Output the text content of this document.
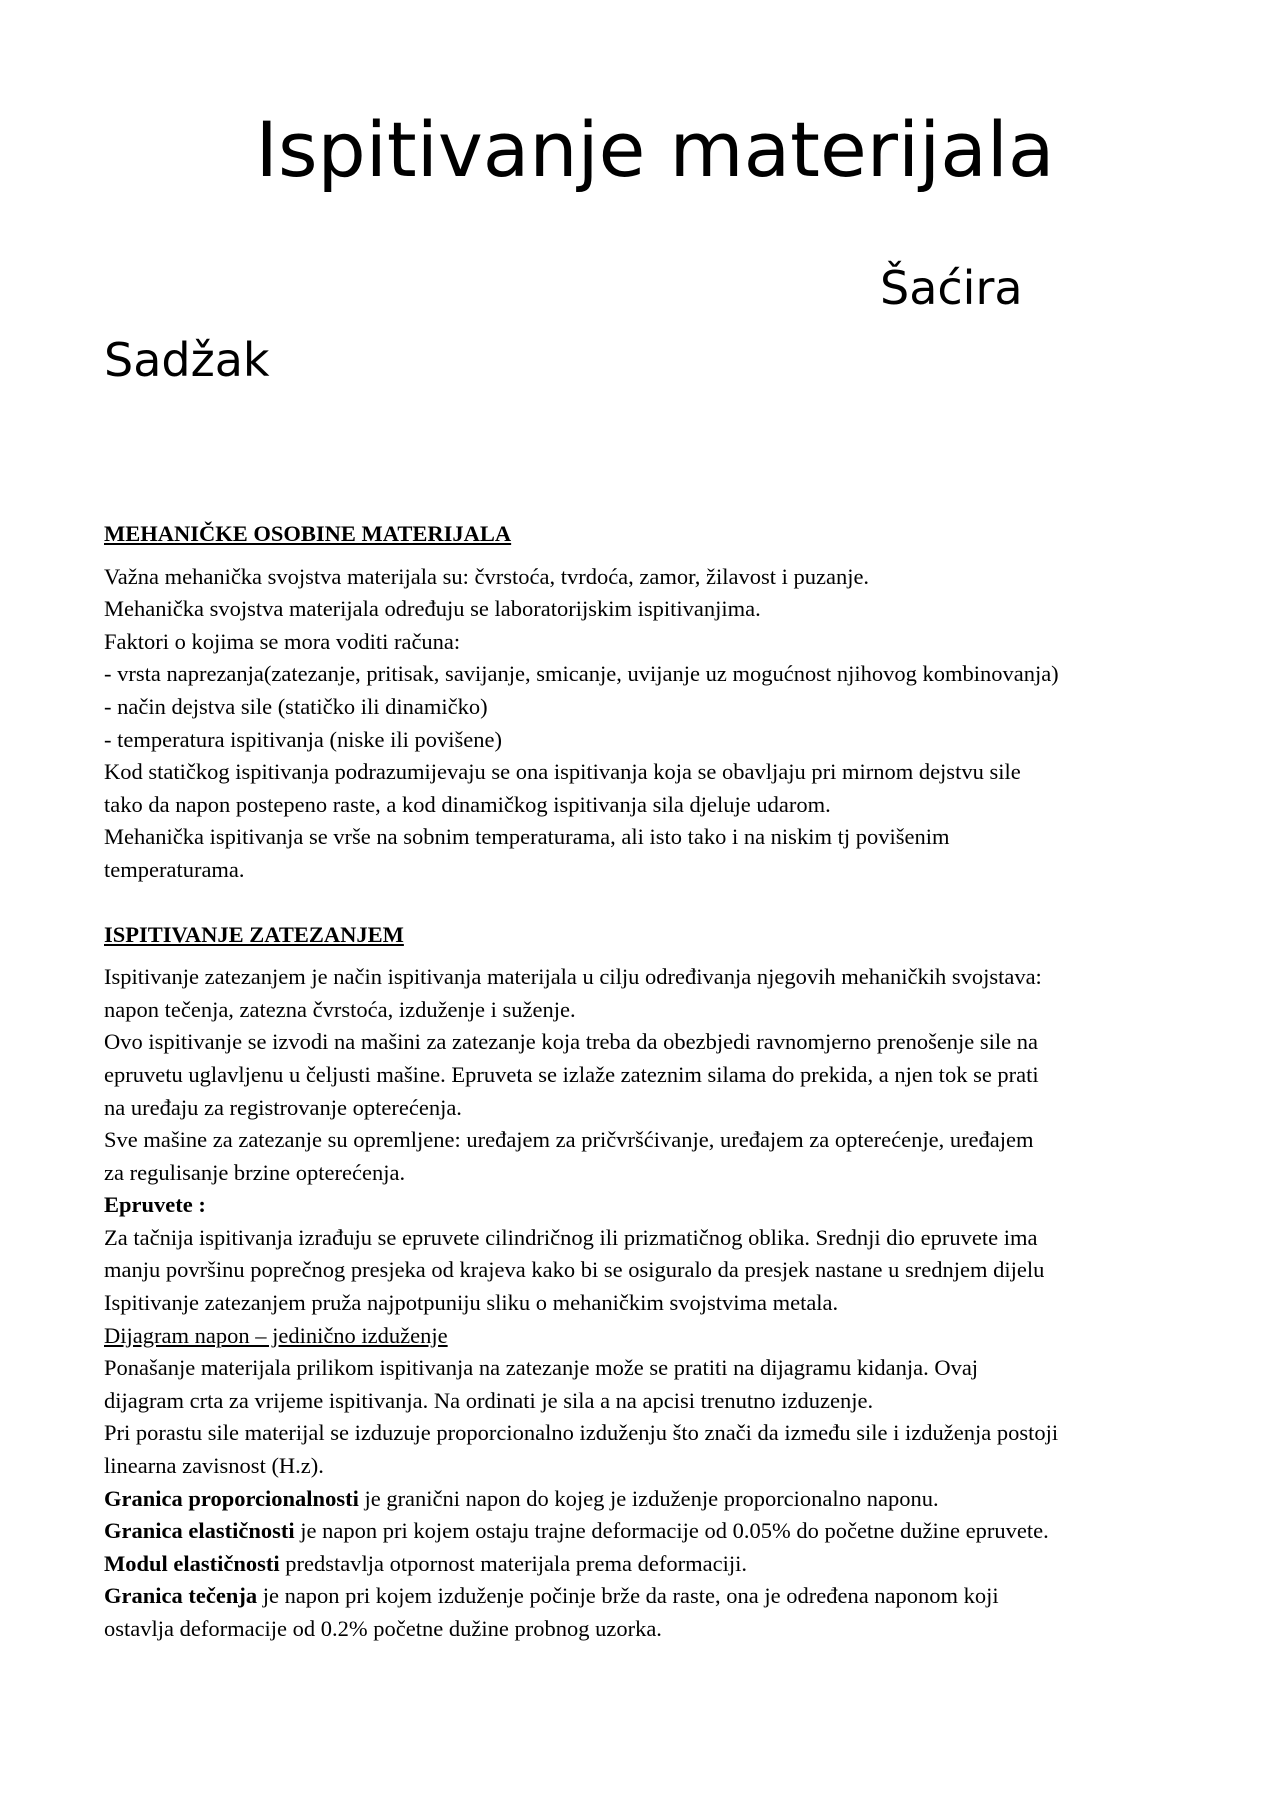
Ispitivanje materijala
Šaćira
Sadžak

MEHANIČKE OSOBINE MATERIJALA

Važna mehanička svojstva materijala su: čvrstoća, tvrdoća, zamor, žilavost i puzanje.

Mehanička svojstva materijala određuju se laboratorijskim ispitivanjima.

Faktori o kojima se mora voditi računa:

- vrsta naprezanja(zatezanje, pritisak, savijanje, smicanje, uvijanje uz mogućnost njihovog kombinovanja)

- način dejstva sile (statičko ili dinamičko)

- temperatura ispitivanja (niske ili povišene)

Kod statičkog ispitivanja podrazumijevaju se ona ispitivanja koja se obavljaju pri mirnom dejstvu sile

tako da napon postepeno raste, a kod dinamičkog ispitivanja sila djeluje udarom.

Mehanička ispitivanja se vrše na sobnim temperaturama, ali isto tako i na niskim tj povišenim

temperaturama.

ISPITIVANJE ZATEZANJEM

Ispitivanje zatezanjem je način ispitivanja materijala u cilju određivanja njegovih mehaničkih svojstava:

napon tečenja, zatezna čvrstoća, izduženje i suženje.

Ovo ispitivanje se izvodi na mašini za zatezanje koja treba da obezbjedi ravnomjerno prenošenje sile na

epruvetu uglavljenu u čeljusti mašine. Epruveta se izlaže zateznim silama do prekida, a njen tok se prati

na uređaju za registrovanje opterećenja.

Sve mašine za zatezanje su opremljene: uređajem za pričvršćivanje, uređajem za opterećenje, uređajem

za regulisanje brzine opterećenja.

Epruvete :

Za tačnija ispitivanja izrađuju se epruvete cilindričnog ili prizmatičnog oblika. Srednji dio epruvete ima

manju površinu poprečnog presjeka od krajeva kako bi se osiguralo da presjek nastane u srednjem dijelu

Ispitivanje zatezanjem pruža najpotpuniju sliku o mehaničkim svojstvima metala.

Dijagram napon – jedinično izduženje

Ponašanje materijala prilikom ispitivanja na zatezanje može se pratiti na dijagramu kidanja. Ovaj

dijagram crta za vrijeme ispitivanja. Na ordinati je sila a na apcisi trenutno izduzenje.

Pri porastu sile materijal se izduzuje proporcionalno izduženju što znači da između sile i izduženja postoji

linearna zavisnost (H.z).

Granica proporcionalnosti je granični napon do kojeg je izduženje proporcionalno naponu.

Granica elastičnosti je napon pri kojem ostaju trajne deformacije od 0.05% do početne dužine epruvete.

Modul elastičnosti predstavlja otpornost materijala prema deformaciji.

Granica tečenja je napon pri kojem izduženje počinje brže da raste, ona je određena naponom koji

ostavlja deformacije od 0.2% početne dužine probnog uzorka.
